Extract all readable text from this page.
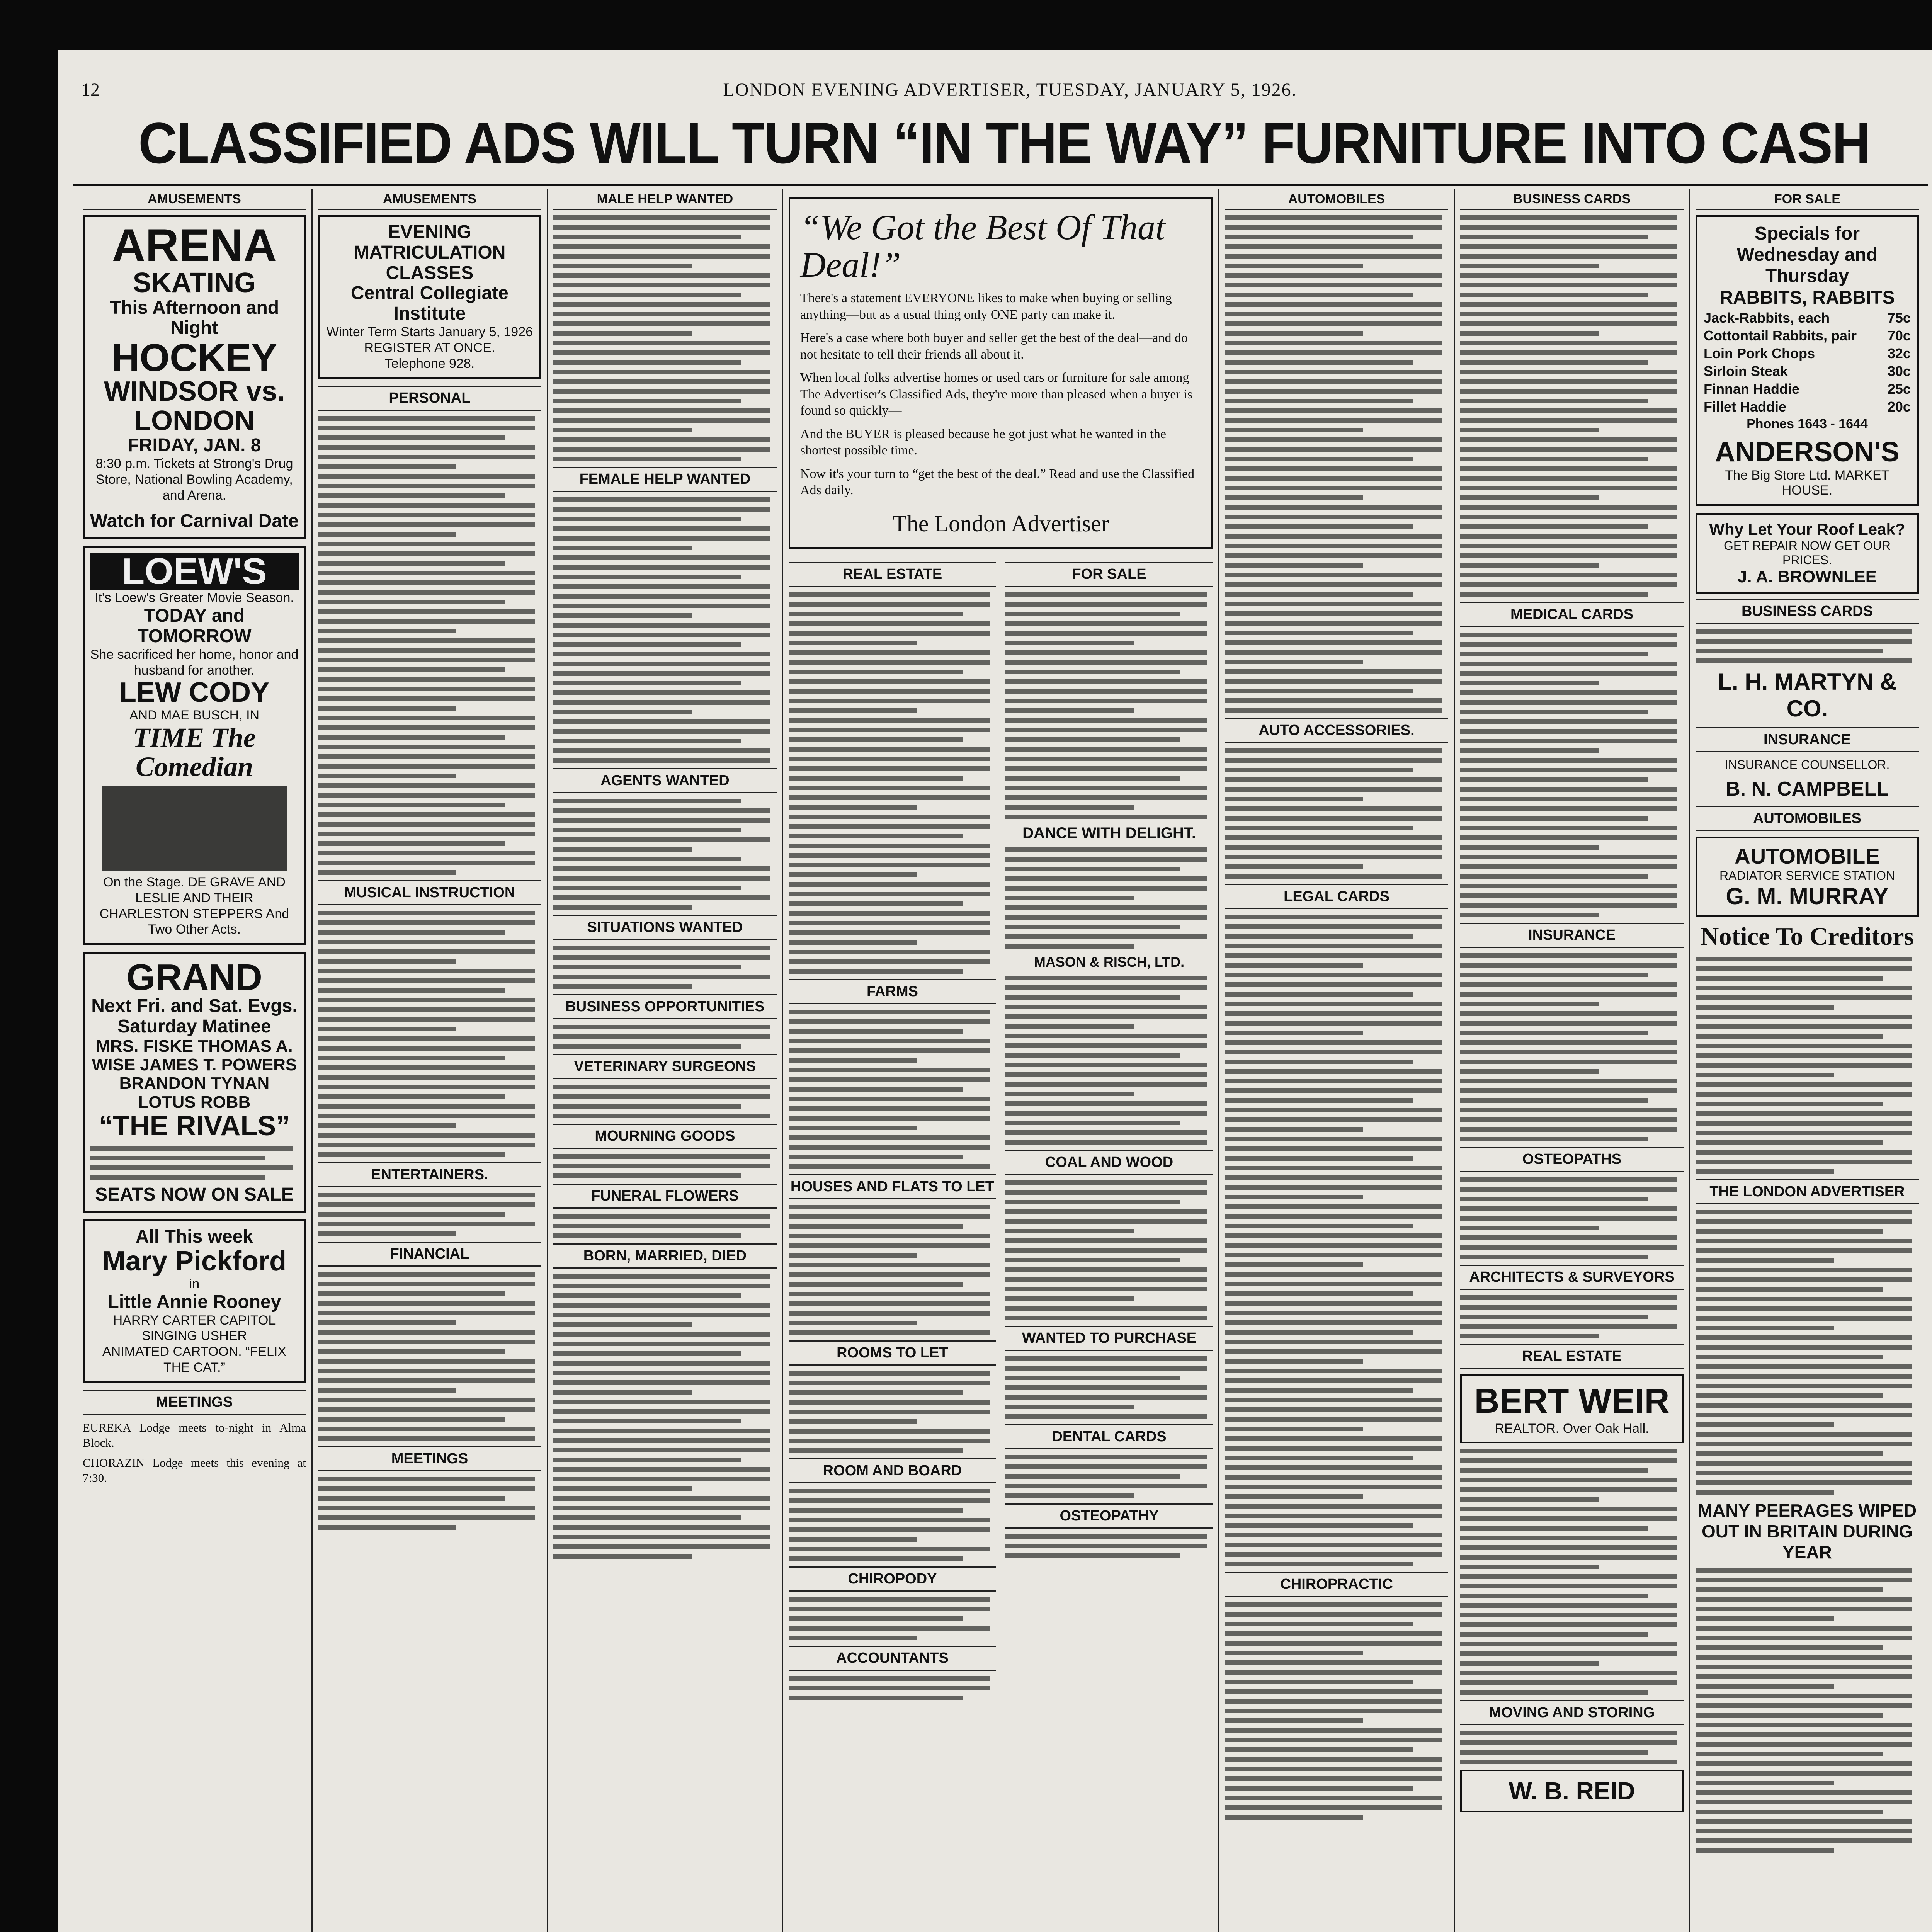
12	LONDON EVENING ADVERTISER, TUESDAY, JANUARY 5, 1926.
CLASSIFIED ADS WILL TURN “IN THE WAY” FURNITURE INTO CASH
AMUSEMENTS
ARENA
SKATING
This Afternoon and Night
HOCKEY
WINDSOR vs. LONDON
FRIDAY, JAN. 8
8:30 p.m. Tickets at Strong's Drug Store, National Bowling Academy, and Arena.
Watch for Carnival Date
LOEW'S
It's Loew's Greater Movie Season.
TODAY and TOMORROW
She sacrificed her home, honor and husband for another.
LEW CODY
AND MAE BUSCH, IN
TIME The Comedian
On the Stage. DE GRAVE AND LESLIE AND THEIR CHARLESTON STEPPERS And Two Other Acts.
GRAND
Next Fri. and Sat. Evgs. Saturday Matinee
MRS. FISKE THOMAS A. WISE JAMES T. POWERS BRANDON TYNAN LOTUS ROBB
“THE RIVALS”
SEATS NOW ON SALE
All This week
Mary Pickford
in
Little Annie Rooney
HARRY CARTER CAPITOL SINGING USHER
ANIMATED CARTOON. “FELIX THE CAT.”
MEETINGS
EUREKA Lodge meets to-night in Alma Block.
CHORAZIN Lodge meets this evening at 7:30.
AMUSEMENTS
EVENING MATRICULATION CLASSES
Central Collegiate Institute
Winter Term Starts January 5, 1926
REGISTER AT ONCE.
Telephone 928.
PERSONAL
MUSICAL INSTRUCTION
ENTERTAINERS.
FINANCIAL
MEETINGS
MALE HELP WANTED
FEMALE HELP WANTED
AGENTS WANTED
SITUATIONS WANTED
BUSINESS OPPORTUNITIES
VETERINARY SURGEONS
MOURNING GOODS
FUNERAL FLOWERS
BORN, MARRIED, DIED
“We Got the Best Of That Deal!”
There's a statement EVERYONE likes to make when buying or selling anything—but as a usual thing only ONE party can make it.
Here's a case where both buyer and seller get the best of the deal—and do not hesitate to tell their friends all about it.
When local folks advertise homes or used cars or furniture for sale among The Advertiser's Classified Ads, they're more than pleased when a buyer is found so quickly—
And the BUYER is pleased because he got just what he wanted in the shortest possible time.
Now it's your turn to “get the best of the deal.” Read and use the Classified Ads daily.
The London Advertiser
REAL ESTATE
FARMS
HOUSES AND FLATS TO LET
ROOMS TO LET
ROOM AND BOARD
CHIROPODY
ACCOUNTANTS
FOR SALE
DANCE WITH DELIGHT.
MASON & RISCH, LTD.
COAL AND WOOD
WANTED TO PURCHASE
DENTAL CARDS
OSTEOPATHY
AUTOMOBILES
AUTO ACCESSORIES.
LEGAL CARDS
CHIROPRACTIC
BUSINESS CARDS
MEDICAL CARDS
INSURANCE
OSTEOPATHS
ARCHITECTS & SURVEYORS
REAL ESTATE
BERT WEIR
REALTOR. Over Oak Hall.
MOVING AND STORING
W. B. REID
FOR SALE
Specials for Wednesday and Thursday
RABBITS, RABBITS
Jack-Rabbits, each	75c
Cottontail Rabbits, pair 70c
Loin Pork Chops	32c
Sirloin Steak	30c
Finnan Haddie	25c
Fillet Haddie	20c
Phones 1643 - 1644
ANDERSON'S
The Big Store Ltd. MARKET HOUSE.
Why Let Your Roof Leak?
GET REPAIR NOW GET OUR PRICES.
J. A. BROWNLEE
BUSINESS CARDS
L. H. MARTYN & CO.
INSURANCE
INSURANCE COUNSELLOR.
B. N. CAMPBELL
AUTOMOBILES
AUTOMOBILE
RADIATOR SERVICE STATION
G. M. MURRAY
Notice To Creditors
THE LONDON ADVERTISER
MANY PEERAGES WIPED OUT IN BRITAIN DURING YEAR
